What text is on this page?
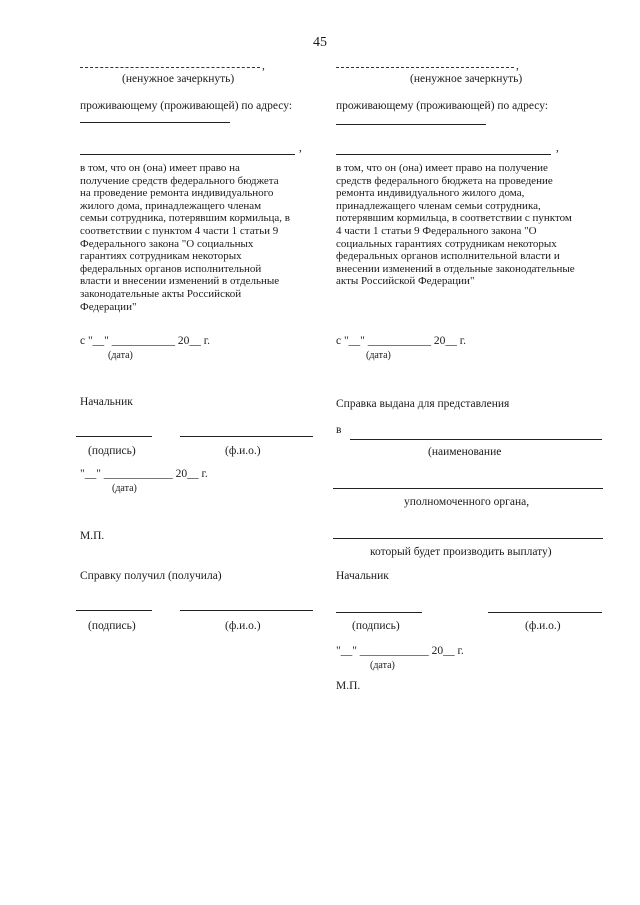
45
,
(ненужное зачеркнуть)
проживающему (проживающей) по адресу:
,
в том, что он (она) имеет право на
получение средств федерального бюджета
на проведение ремонта индивидуального
жилого дома, принадлежащего членам
семьи сотрудника, потерявшим кормильца, в
соответствии с пунктом 4 части 1 статьи 9
Федерального закона "О социальных
гарантиях сотрудникам некоторых
федеральных органов исполнительной
власти и внесении изменений в отдельные
законодательные акты Российской
Федерации"
с "__" ___________ 20__ г.
(дата)
Начальник
(подпись)	(ф.и.о.)
"__" ____________ 20__ г.
(дата)
М.П.
Справку получил (получила)
(подпись)	(ф.и.о.)
,
(ненужное зачеркнуть)
проживающему (проживающей) по адресу:
,
в том, что он (она) имеет право на получение
средств федерального бюджета на проведение
ремонта индивидуального жилого дома,
принадлежащего членам семьи сотрудника,
потерявшим кормильца, в соответствии с пунктом
4 части 1 статьи 9 Федерального закона "О
социальных гарантиях сотрудникам некоторых
федеральных органов исполнительной власти и
внесении изменений в отдельные законодательные
акты Российской Федерации"
с "__" ___________ 20__ г.
(дата)
Справка выдана для представления
в
(наименование
уполномоченного органа,
который будет производить выплату)
Начальник
(подпись)	(ф.и.о.)
"__" ____________ 20__ г.
(дата)
М.П.
